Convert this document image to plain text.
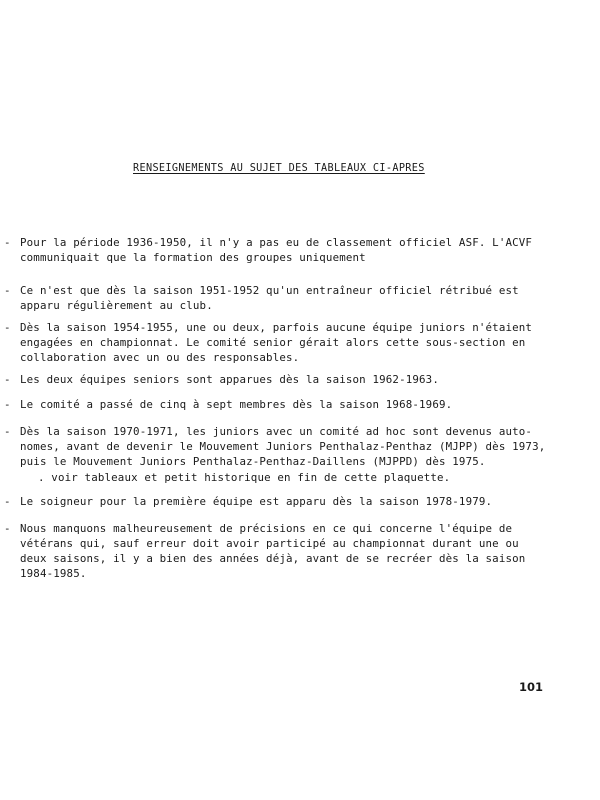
RENSEIGNEMENTS AU SUJET DES TABLEAUX CI-APRES
- Pour la période 1936-1950, il n'y a pas eu de classement officiel ASF. L'ACVF
communiquait que la formation des groupes uniquement
- Ce n'est que dès la saison 1951-1952 qu'un entraîneur officiel rétribué est
apparu régulièrement au club.
- Dès la saison 1954-1955, une ou deux, parfois aucune équipe juniors n'étaient
engagées en championnat. Le comité senior gérait alors cette sous-section en
collaboration avec un ou des responsables.
- Les deux équipes seniors sont apparues dès la saison 1962-1963.
- Le comité a passé de cinq à sept membres dès la saison 1968-1969.
- Dès la saison 1970-1971, les juniors avec un comité ad hoc sont devenus auto-
nomes, avant de devenir le Mouvement Juniors Penthalaz-Penthaz (MJPP) dès 1973,
puis le Mouvement Juniors Penthalaz-Penthaz-Daillens (MJPPD) dès 1975.
. voir tableaux et petit historique en fin de cette plaquette.
- Le soigneur pour la première équipe est apparu dès la saison 1978-1979.
- Nous manquons malheureusement de précisions en ce qui concerne l'équipe de
vétérans qui, sauf erreur doit avoir participé au championnat durant une ou
deux saisons, il y a bien des années déjà, avant de se recréer dès la saison
1984-1985.
101
